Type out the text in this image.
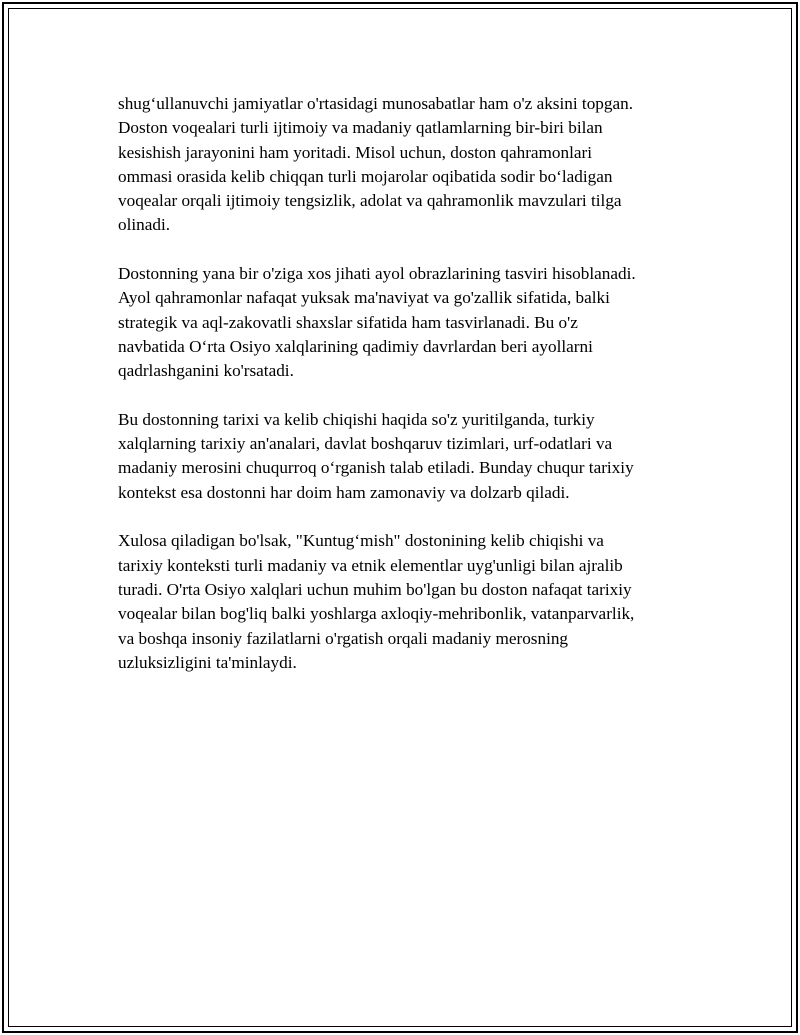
shug‘ullanuvchi jamiyatlar o'rtasidagi munosabatlar ham o'z aksini topgan.
Doston voqealari turli ijtimoiy va madaniy qatlamlarning bir-biri bilan
kesishish jarayonini ham yoritadi. Misol uchun, doston qahramonlari
ommasi orasida kelib chiqqan turli mojarolar oqibatida sodir bo‘ladigan
voqealar orqali ijtimoiy tengsizlik, adolat va qahramonlik mavzulari tilga
olinadi.

Dostonning yana bir o'ziga xos jihati ayol obrazlarining tasviri hisoblanadi.
Ayol qahramonlar nafaqat yuksak ma'naviyat va go'zallik sifatida, balki
strategik va aql-zakovatli shaxslar sifatida ham tasvirlanadi. Bu o'z
navbatida O‘rta Osiyo xalqlarining qadimiy davrlardan beri ayollarni
qadrlashganini ko'rsatadi.

Bu dostonning tarixi va kelib chiqishi haqida so'z yuritilganda, turkiy
xalqlarning tarixiy an'analari, davlat boshqaruv tizimlari, urf-odatlari va
madaniy merosini chuqurroq o‘rganish talab etiladi. Bunday chuqur tarixiy
kontekst esa dostonni har doim ham zamonaviy va dolzarb qiladi.

Xulosa qiladigan bo'lsak, "Kuntug‘mish" dostonining kelib chiqishi va
tarixiy konteksti turli madaniy va etnik elementlar uyg'unligi bilan ajralib
turadi. O'rta Osiyo xalqlari uchun muhim bo'lgan bu doston nafaqat tarixiy
voqealar bilan bog'liq balki yoshlarga axloqiy-mehribonlik, vatanparvarlik,
va boshqa insoniy fazilatlarni o'rgatish orqali madaniy merosning
uzluksizligini ta'minlaydi.
